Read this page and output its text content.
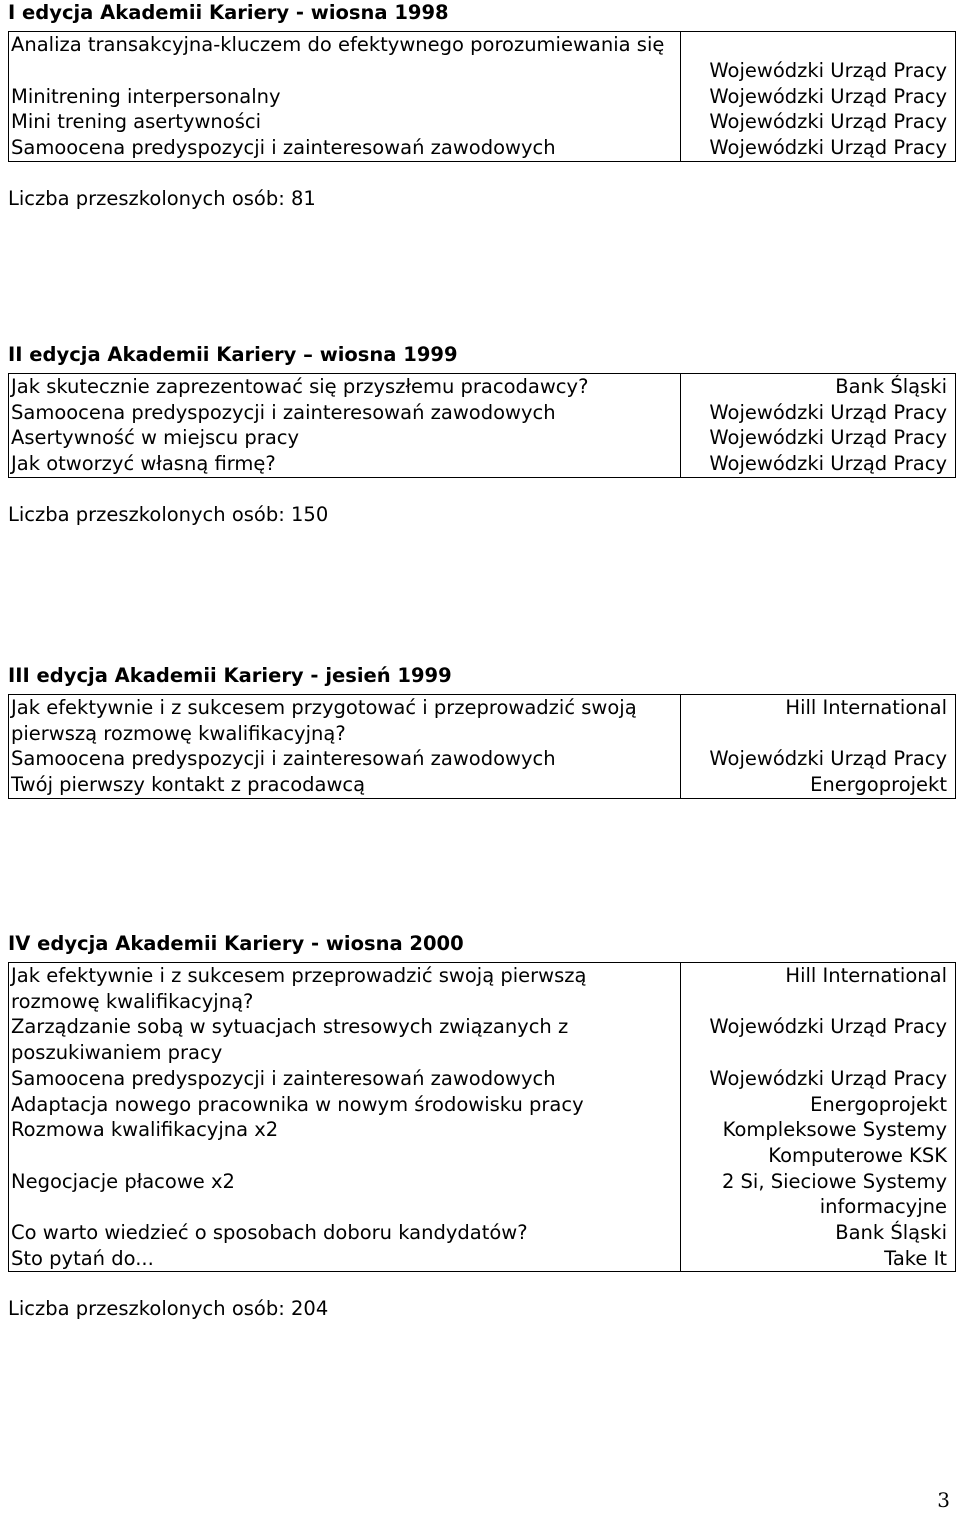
I edycja Akademii Kariery - wiosna 1998

Analiza transakcyjna-kluczem do efektywnego porozumiewania się	Wojewódzki Urząd Pracy
Minitrening interpersonalny	Wojewódzki Urząd Pracy
Mini trening asertywności	Wojewódzki Urząd Pracy
Samoocena predyspozycji i zainteresowań zawodowych	Wojewódzki Urząd Pracy

Liczba przeszkolonych osób: 81

II edycja Akademii Kariery – wiosna 1999

Jak skutecznie zaprezentować się przyszłemu pracodawcy?	Bank Śląski
Samoocena predyspozycji i zainteresowań zawodowych	Wojewódzki Urząd Pracy
Asertywność w miejscu pracy	Wojewódzki Urząd Pracy
Jak otworzyć własną firmę?	Wojewódzki Urząd Pracy

Liczba przeszkolonych osób: 150

III edycja Akademii Kariery - jesień 1999

Jak efektywnie i z sukcesem przygotować i przeprowadzić swoją pierwszą rozmowę kwalifikacyjną?	Hill International
Samoocena predyspozycji i zainteresowań zawodowych	Wojewódzki Urząd Pracy
Twój pierwszy kontakt z pracodawcą	Energoprojekt

IV edycja Akademii Kariery - wiosna 2000

Jak efektywnie i z sukcesem przeprowadzić swoją pierwszą rozmowę kwalifikacyjną?	Hill International
Zarządzanie sobą w sytuacjach stresowych związanych z poszukiwaniem pracy	Wojewódzki Urząd Pracy
Samoocena predyspozycji i zainteresowań zawodowych	Wojewódzki Urząd Pracy
Adaptacja nowego pracownika w nowym środowisku pracy	Energoprojekt
Rozmowa kwalifikacyjna x2	Kompleksowe Systemy Komputerowe KSK
Negocjacje płacowe x2	2 Si, Sieciowe Systemy informacyjne
Co warto wiedzieć o sposobach doboru kandydatów?	Bank Śląski
Sto pytań do...	Take It

Liczba przeszkolonych osób: 204

3
